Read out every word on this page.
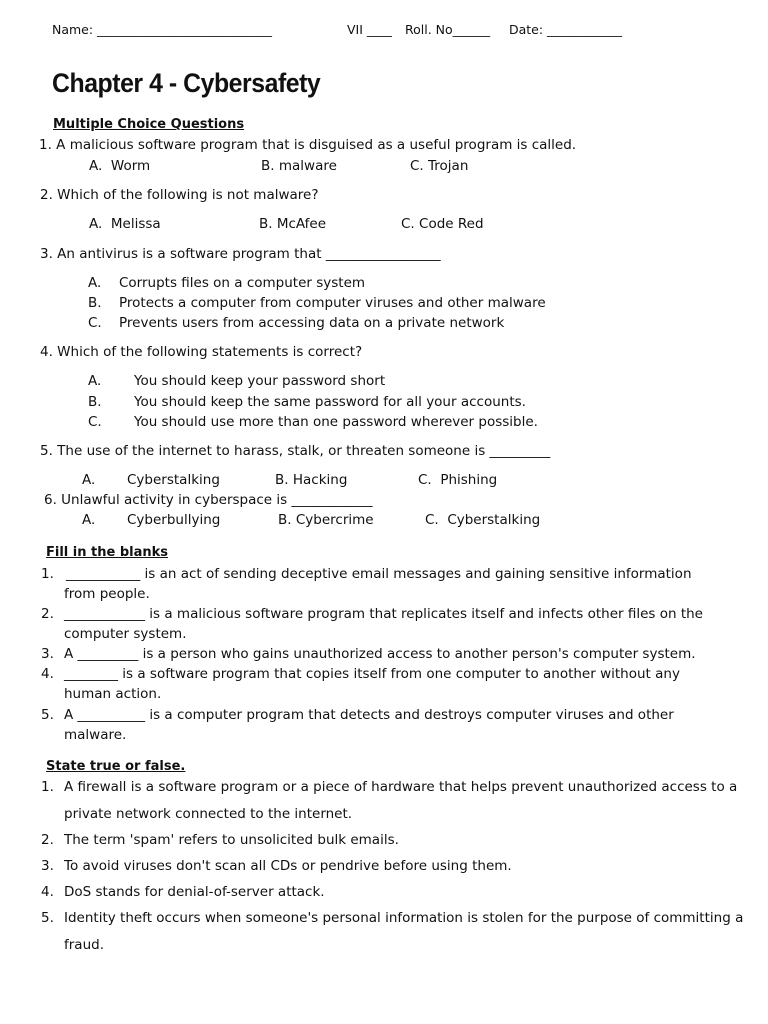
Name: ____________________________	VII ____ Roll. No______ Date: ____________
Chapter 4 - Cybersafety
Multiple Choice Questions
1. A malicious software program that is disguised as a useful program is called.
A. Worm	B. malware	C. Trojan
2. Which of the following is not malware?
A. Melissa	B. McAfee	C. Code Red
3. An antivirus is a software program that _________________
A. Corrupts files on a computer system
B. Protects a computer from computer viruses and other malware
C. Prevents users from accessing data on a private network
4. Which of the following statements is correct?
A. You should keep your password short
B. You should keep the same password for all your accounts.
C. You should use more than one password wherever possible.
5. The use of the internet to harass, stalk, or threaten someone is _________
A. Cyberstalking	B. Hacking	C. Phishing
6. Unlawful activity in cyberspace is ____________
A. Cyberbullying	B. Cybercrime	C. Cyberstalking
Fill in the blanks
1. ___________ is an act of sending deceptive email messages and gaining sensitive information
from people.
2. ____________ is a malicious software program that replicates itself and infects other files on the
computer system.
3. A _________ is a person who gains unauthorized access to another person's computer system.
4. ________ is a software program that copies itself from one computer to another without any
human action.
5. A __________ is a computer program that detects and destroys computer viruses and other
malware.
State true or false.
1. A firewall is a software program or a piece of hardware that helps prevent unauthorized access to a
private network connected to the internet.
2. The term 'spam' refers to unsolicited bulk emails.
3. To avoid viruses don't scan all CDs or pendrive before using them.
4. DoS stands for denial-of-server attack.
5. Identity theft occurs when someone's personal information is stolen for the purpose of committing a
fraud.
